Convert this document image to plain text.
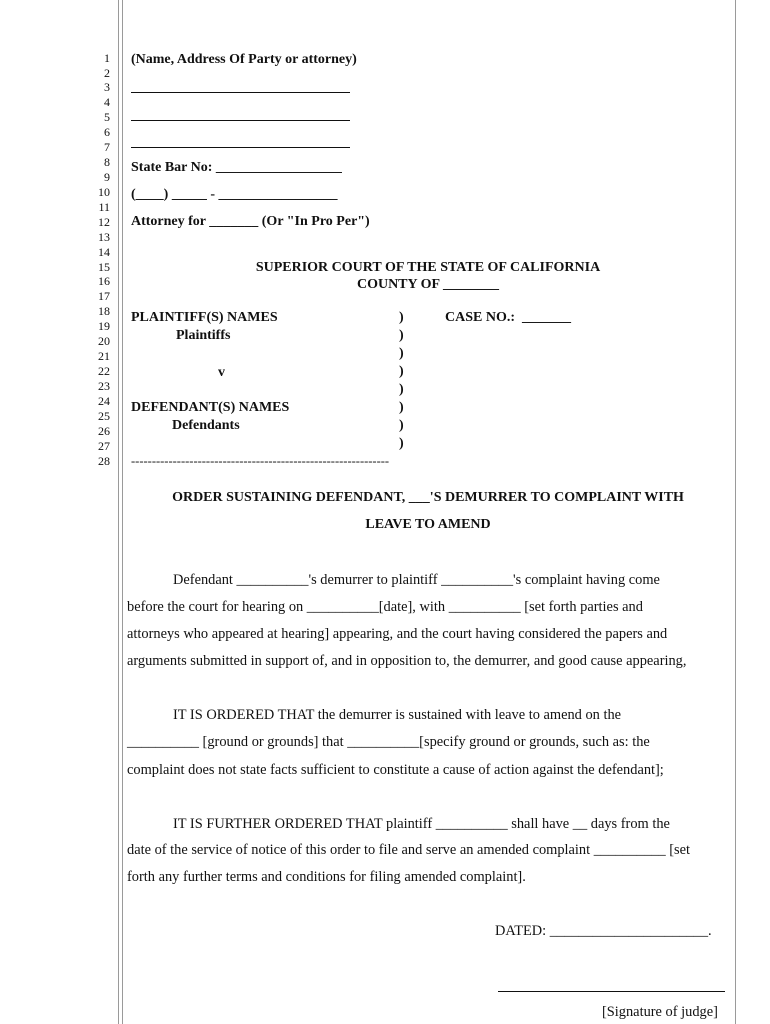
1
2
3
4
5
6
7
8
9
10
11
12
13
14
15
16
17
18
19
20
21
22
23
24
25
26
27
28
(Name, Address Of Party or attorney)
State Bar No: __________________
(____) _____ - _________________
Attorney for _______ (Or "In Pro Per")
SUPERIOR COURT OF THE STATE OF CALIFORNIA
COUNTY OF ________
PLAINTIFF(S) NAMES
Plaintiffs
v
DEFENDANT(S) NAMES
Defendants
CASE NO.:  _______
)
)
)
)
)
)
)
)
--------------------------------------------------------------
ORDER SUSTAINING DEFENDANT, ___'S DEMURRER TO COMPLAINT WITH
LEAVE TO AMEND
Defendant __________'s demurrer to plaintiff __________'s complaint having come
before the court for hearing on __________[date], with __________ [set forth parties and
attorneys who appeared at hearing] appearing, and the court having considered the papers and
arguments submitted in support of, and in opposition to, the demurrer, and good cause appearing,
IT IS ORDERED THAT the demurrer is sustained with leave to amend on the
__________ [ground or grounds] that __________[specify ground or grounds, such as: the
complaint does not state facts sufficient to constitute a cause of action against the defendant];
IT IS FURTHER ORDERED THAT plaintiff __________ shall have __ days from the
date of the service of notice of this order to file and serve an amended complaint __________ [set
forth any further terms and conditions for filing amended complaint].
DATED: ______________________.
[Signature of judge]
